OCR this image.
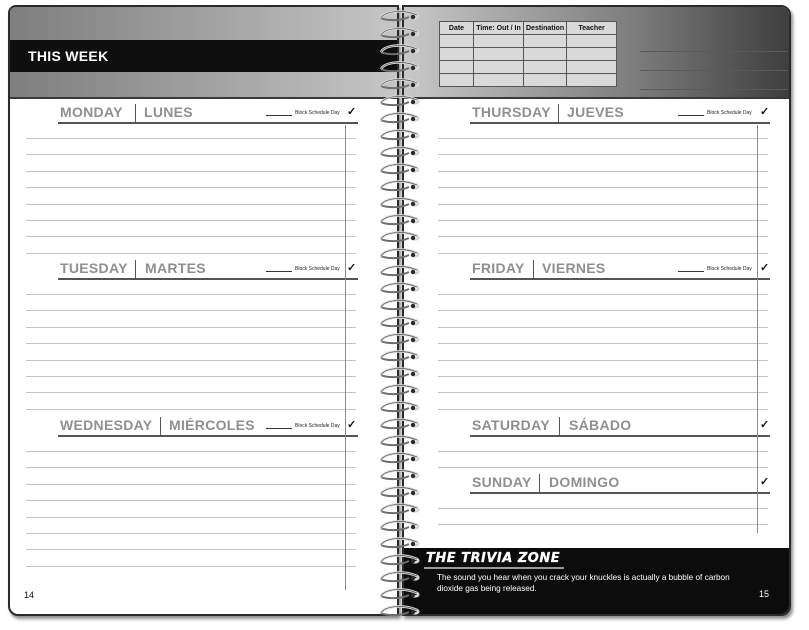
THIS WEEK
MONDAY LUNES	Block Schedule Day ✓
TUESDAY MARTES	Block Schedule Day ✓
WEDNESDAY MIÉRCOLES	Block Schedule Day ✓
14
Date	Time: Out / In	Destination	Teacher

THURSDAY JUEVES	Block Schedule Day ✓
FRIDAY VIERNES	Block Schedule Day ✓
SATURDAY SÁBADO	✓
SUNDAY DOMINGO	✓
THE TRIVIA ZONE

The sound you hear when you crack your knuckles is actually a bubble of carbon dioxide gas being released.

15
